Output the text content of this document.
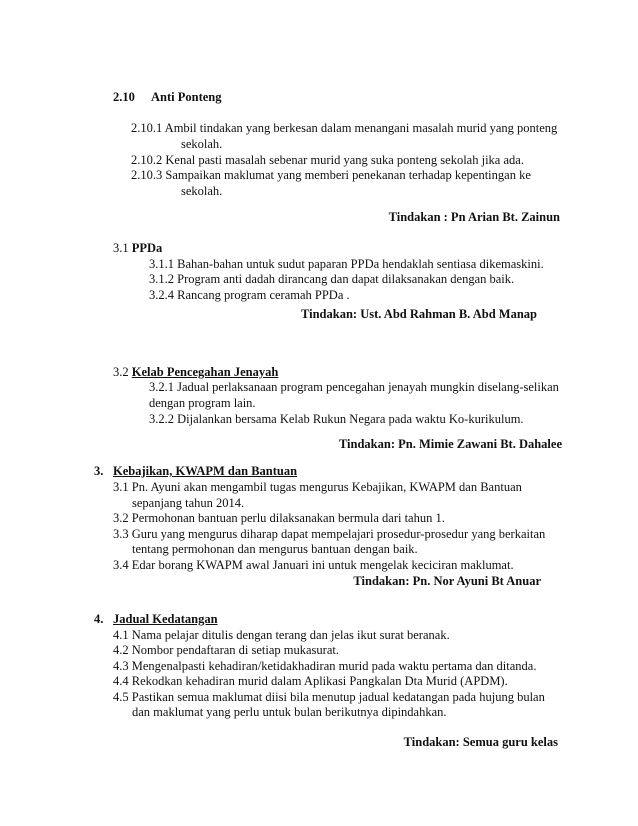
2.10 Anti Ponteng
2.10.1 Ambil tindakan yang berkesan dalam menangani masalah murid yang ponteng
sekolah.
2.10.2 Kenal pasti masalah sebenar murid yang suka ponteng sekolah jika ada.
2.10.3 Sampaikan maklumat yang memberi penekanan terhadap kepentingan ke
sekolah.
Tindakan : Pn Arian Bt. Zainun
3.1 PPDa
3.1.1 Bahan-bahan untuk sudut paparan PPDa hendaklah sentiasa dikemaskini.
3.1.2 Program anti dadah dirancang dan dapat dilaksanakan dengan baik.
3.2.4 Rancang program ceramah PPDa .
Tindakan: Ust. Abd Rahman B. Abd Manap
3.2 Kelab Pencegahan Jenayah
3.2.1 Jadual perlaksanaan program pencegahan jenayah mungkin diselang-selikan
dengan program lain.
3.2.2 Dijalankan bersama Kelab Rukun Negara pada waktu Ko-kurikulum.
Tindakan: Pn. Mimie Zawani Bt. Dahalee
3. Kebajikan, KWAPM dan Bantuan
3.1 Pn. Ayuni akan mengambil tugas mengurus Kebajikan, KWAPM dan Bantuan
sepanjang tahun 2014.
3.2 Permohonan bantuan perlu dilaksanakan bermula dari tahun 1.
3.3 Guru yang mengurus diharap dapat mempelajari prosedur-prosedur yang berkaitan
tentang permohonan dan mengurus bantuan dengan baik.
3.4 Edar borang KWAPM awal Januari ini untuk mengelak keciciran maklumat.
Tindakan: Pn. Nor Ayuni Bt Anuar
4. Jadual Kedatangan
4.1 Nama pelajar ditulis dengan terang dan jelas ikut surat beranak.
4.2 Nombor pendaftaran di setiap mukasurat.
4.3 Mengenalpasti kehadiran/ketidakhadiran murid pada waktu pertama dan ditanda.
4.4 Rekodkan kehadiran murid dalam Aplikasi Pangkalan Dta Murid (APDM).
4.5 Pastikan semua maklumat diisi bila menutup jadual kedatangan pada hujung bulan
dan maklumat yang perlu untuk bulan berikutnya dipindahkan.
Tindakan: Semua guru kelas
